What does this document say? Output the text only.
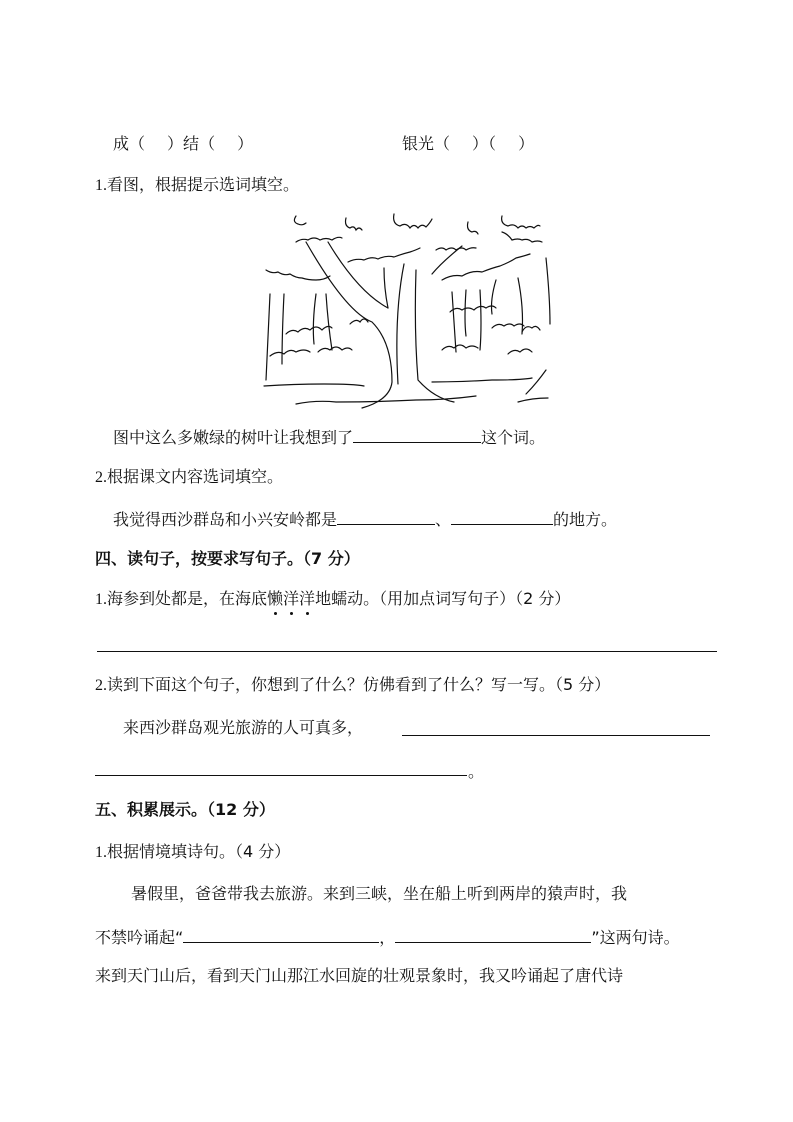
成（ ）结（ ）	银光（ ）（ ）
1.看图，根据提示选词填空。
图中这么多嫩绿的树叶让我想到了	这个词。
2.根据课文内容选词填空。
我觉得西沙群岛和小兴安岭都是	、	的地方。
四、读句子，按要求写句子。（7 分）
1.海参到处都是，在海底懒洋洋地蠕动。（用加点词写句子）（2 分）
2.读到下面这个句子，你想到了什么？仿佛看到了什么？写一写。（5 分）
来西沙群岛观光旅游的人可真多，
。
五、积累展示。（12 分）
1.根据情境填诗句。（4 分）
暑假里，爸爸带我去旅游。来到三峡，坐在船上听到两岸的猿声时，我
不禁吟诵起“	，	”这两句诗。
来到天门山后，看到天门山那江水回旋的壮观景象时，我又吟诵起了唐代诗
